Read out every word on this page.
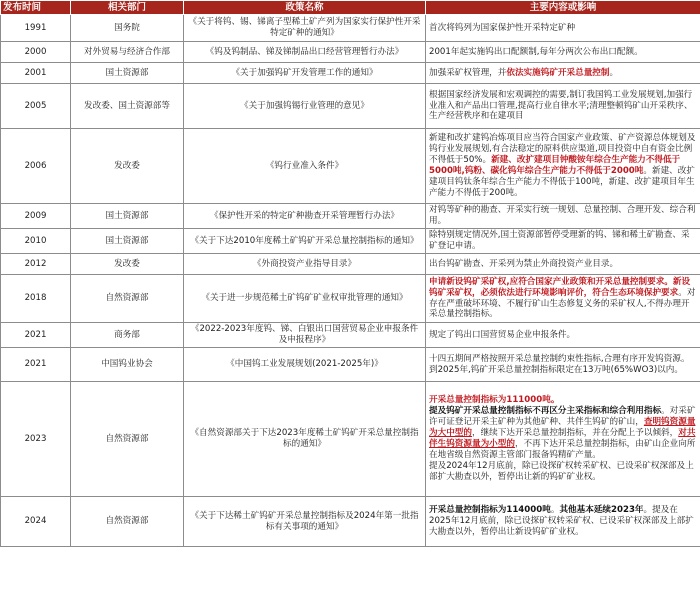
发布时间	相关部门	政策名称	主要内容或影响
1991	国务院	《关于将钨、锡、锑离子型稀土矿产列为国家实行保护性开采特定矿种的通知》	首次将钨列为国家保护性开采特定矿种
2000	对外贸易与经济合作部	《钨及钨制品、锑及锑制品出口经营管理暂行办法》	2001年起实施钨出口配额制,每年分两次公布出口配额。
2001	国土资源部	《关于加强钨矿开发管理工作的通知》	加强采矿权管理，并依法实施钨矿开采总量控制。
2005	发改委、国土资源部等	《关于加强钨锡行业管理的意见》	根据国家经济发展和宏观调控的需要,制订我国钨工业发展规划,加强行业准入和产品出口管理,提高行业自律水平;清理整顿钨矿山开采秩序、生产经营秩序和在建项目
2006	发改委	《钨行业准入条件》	新建和改扩建钨冶炼项目应当符合国家产业政策、矿产资源总体规划及钨行业发展规划,有合法稳定的原料供应渠道,项目投资中自有资金比例不得低于50%。新建、改扩建项目钟酸铵年综合生产能力不得低于5000吨,钨粉、碳化钨年综合生产能力不得低于2000吨。新建、改扩建项目钨钛条年综合生产能力不得低于100吨，新建、改扩建项目年生产能力不得低于200吨。
2009	国土资源部	《保护性开采的特定矿种勘查开采管理暂行办法》	对钨等矿种的勘查、开采实行统一规划、总量控制、合理开发、综合利用。
2010	国土资源部	《关于下达2010年度稀土矿钨矿开采总量控制指标的通知》	除特别规定情况外,国土资源部暂停受理新的钨、锑和稀土矿勘查、采矿登记申请。
2012	发改委	《外商投资产业指导目录》	出台钨矿勘查、开采列为禁止外商投资产业目录。
2018	自然资源部	《关于进一步规范稀土矿钨矿矿业权审批管理的通知》	申请新设钨矿采矿权,应符合国家产业政策和开采总量控制要求。新设钨矿采矿权，必须依法进行环境影响评价，符合生态环境保护要求。对存在严重破坏环境、不履行矿山生态修复义务的采矿权人,不得办理开采总量控制指标。
2021	商务部	《2022-2023年度钨、锑、白银出口国营贸易企业申报条件及申报程序》	规定了钨出口国营贸易企业申报条件。
2021	中国钨业协会	《中国钨工业发展规划(2021-2025年)》	十四五期间严格按照开采总量控制约束性指标,合理有序开发钨资源。到2025年,钨矿开采总量控制指标限定在13万吨(65%WO3)以内。
2023	自然资源部	《自然资源部关于下达2023年度稀土矿钨矿开采总量控制指标的通知》	开采总量控制指标为111000吨。
提及钨矿开采总量控制指标不再区分主采指标和综合利用指标。对采矿许可证登记开采主矿种为其他矿种、共伴生钨矿的矿山，查明钨资源量为大中型的，继续下达开采总量控制指标，并在分配上予以倾斜，对共伴生钨资源量为小型的，不再下达开采总量控制指标，由矿山企业向所在地省级自然资源主管部门报备钨精矿产量。
提及2024年12月底前，除已设探矿权转采矿权、已设采矿权深部及上部扩大勘查以外，暂停出让新的钨矿矿业权。
2024	自然资源部	《关于下达稀土矿钨矿开采总量控制指标及2024年第一批指标有关事项的通知》	开采总量控制指标为114000吨。其他基本延续2023年。提及在2025年12月底前，除已设探矿权转采矿权、已设采矿权深部及上部扩大勘查以外，暂停出让新设钨矿矿业权。
